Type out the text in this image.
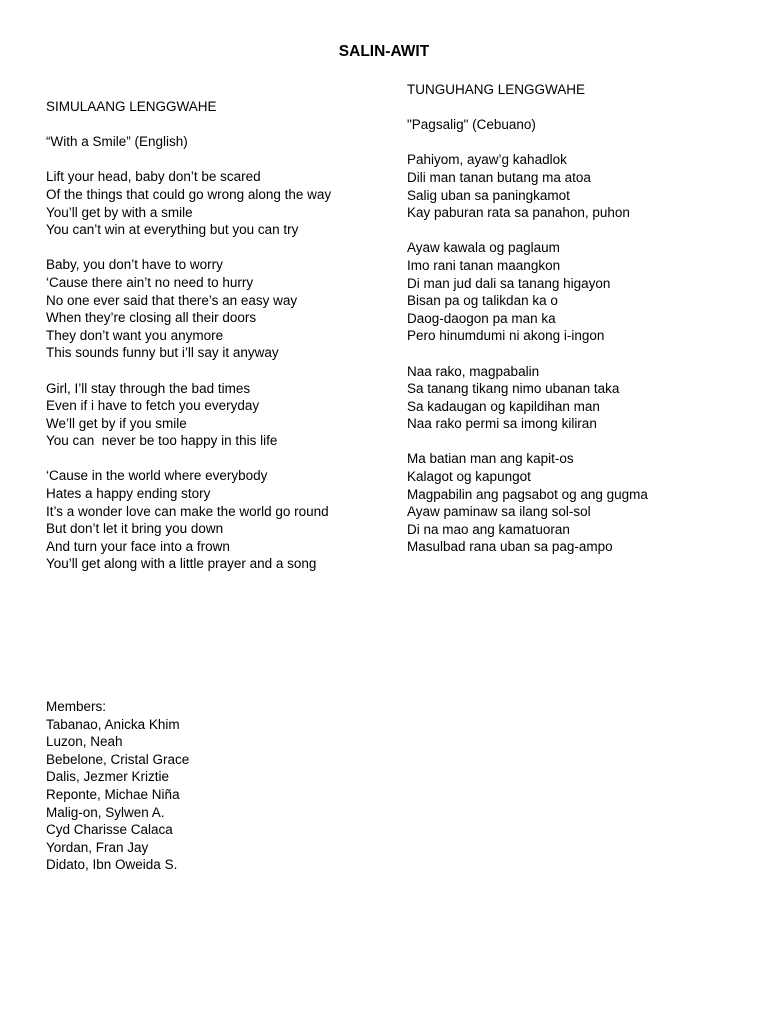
SALIN-AWIT
SIMULAANG LENGGWAHE
“With a Smile” (English)
Lift your head, baby don’t be scared
Of the things that could go wrong along the way
You’ll get by with a smile
You can’t win at everything but you can try
Baby, you don’t have to worry
‘Cause there ain’t no need to hurry
No one ever said that there’s an easy way
When they’re closing all their doors
They don’t want you anymore
This sounds funny but i’ll say it anyway
Girl, I’ll stay through the bad times
Even if i have to fetch you everyday
We’ll get by if you smile
You can  never be too happy in this life
‘Cause in the world where everybody
Hates a happy ending story
It’s a wonder love can make the world go round
But don’t let it bring you down
And turn your face into a frown
You’ll get along with a little prayer and a song
TUNGUHANG LENGGWAHE
"Pagsalig" (Cebuano)
Pahiyom, ayaw’g kahadlok
Dili man tanan butang ma atoa
Salig uban sa paningkamot
Kay paburan rata sa panahon, puhon
Ayaw kawala og paglaum
Imo rani tanan maangkon
Di man jud dali sa tanang higayon
Bisan pa og talikdan ka o
Daog-daogon pa man ka
Pero hinumdumi ni akong i-ingon
Naa rako, magpabalin
Sa tanang tikang nimo ubanan taka
Sa kadaugan og kapildihan man
Naa rako permi sa imong kiliran
Ma batian man ang kapit-os
Kalagot og kapungot
Magpabilin ang pagsabot og ang gugma
Ayaw paminaw sa ilang sol-sol
Di na mao ang kamatuoran
Masulbad rana uban sa pag-ampo
Members:
Tabanao, Anicka Khim
Luzon, Neah
Bebelone, Cristal Grace
Dalis, Jezmer Kriztie
Reponte, Michae Niña
Malig-on, Sylwen A.
Cyd Charisse Calaca
Yordan, Fran Jay
Didato, Ibn Oweida S.
